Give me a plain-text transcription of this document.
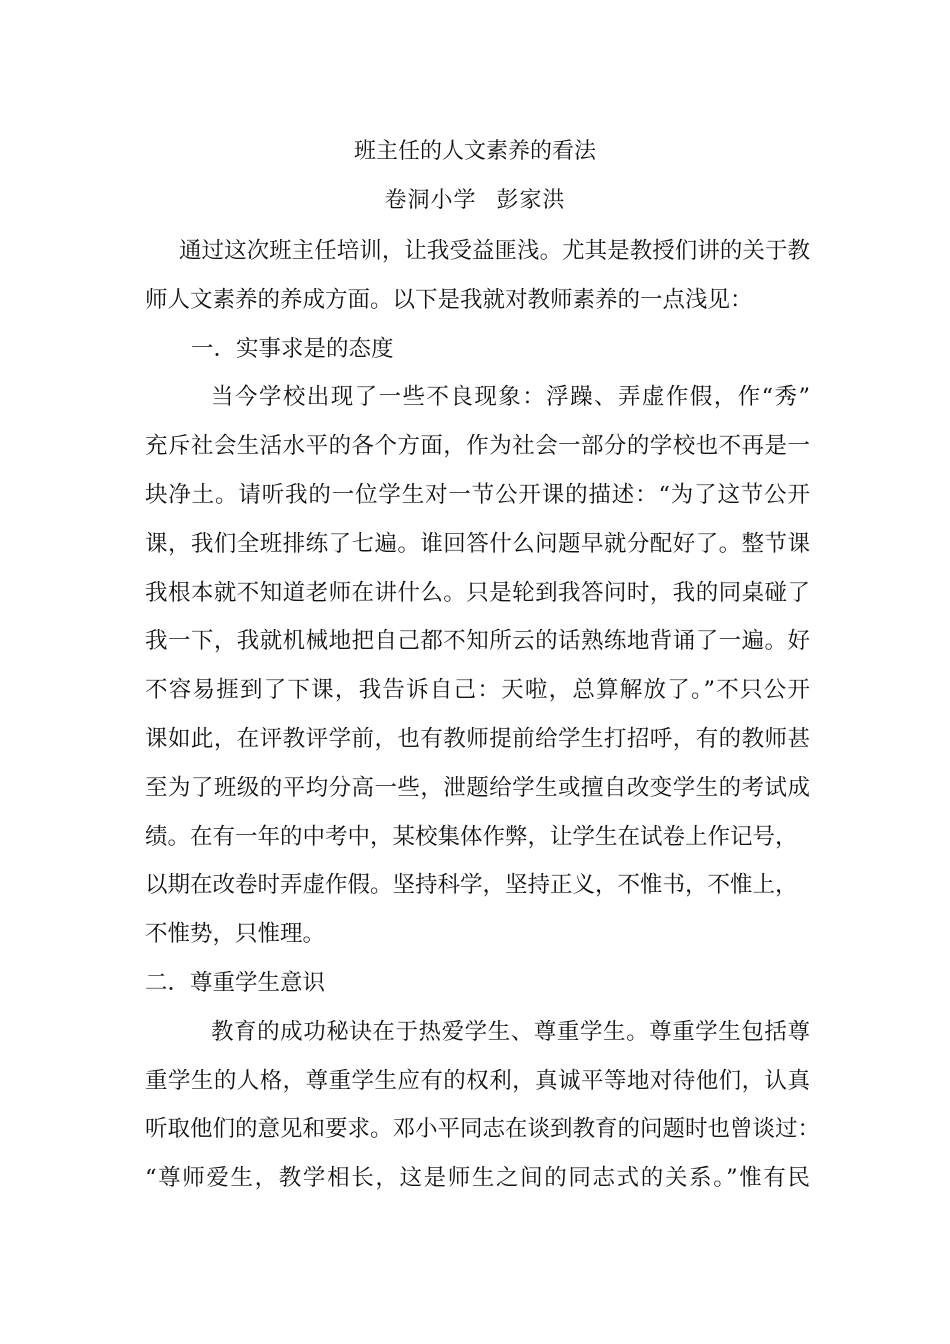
班主任的人文素养的看法
卷洞小学 彭家洪
通过这次班主任培训，让我受益匪浅。尤其是教授们讲的关于教
师人文素养的养成方面。以下是我就对教师素养的一点浅见：
一．实事求是的态度
当今学校出现了一些不良现象：浮躁、弄虚作假，作“秀”
充斥社会生活水平的各个方面，作为社会一部分的学校也不再是一
块净土。请听我的一位学生对一节公开课的描述：“为了这节公开
课，我们全班排练了七遍。谁回答什么问题早就分配好了。整节课
我根本就不知道老师在讲什么。只是轮到我答问时，我的同桌碰了
我一下，我就机械地把自己都不知所云的话熟练地背诵了一遍。好
不容易捱到了下课，我告诉自己：天啦，总算解放了。”不只公开
课如此，在评教评学前，也有教师提前给学生打招呼，有的教师甚
至为了班级的平均分高一些，泄题给学生或擅自改变学生的考试成
绩。在有一年的中考中，某校集体作弊，让学生在试卷上作记号，
以期在改卷时弄虚作假。坚持科学，坚持正义，不惟书，不惟上，
不惟势，只惟理。
二．尊重学生意识
教育的成功秘诀在于热爱学生、尊重学生。尊重学生包括尊
重学生的人格，尊重学生应有的权利，真诚平等地对待他们，认真
听取他们的意见和要求。邓小平同志在谈到教育的问题时也曾谈过：
“尊师爱生，教学相长，这是师生之间的同志式的关系。”惟有民
